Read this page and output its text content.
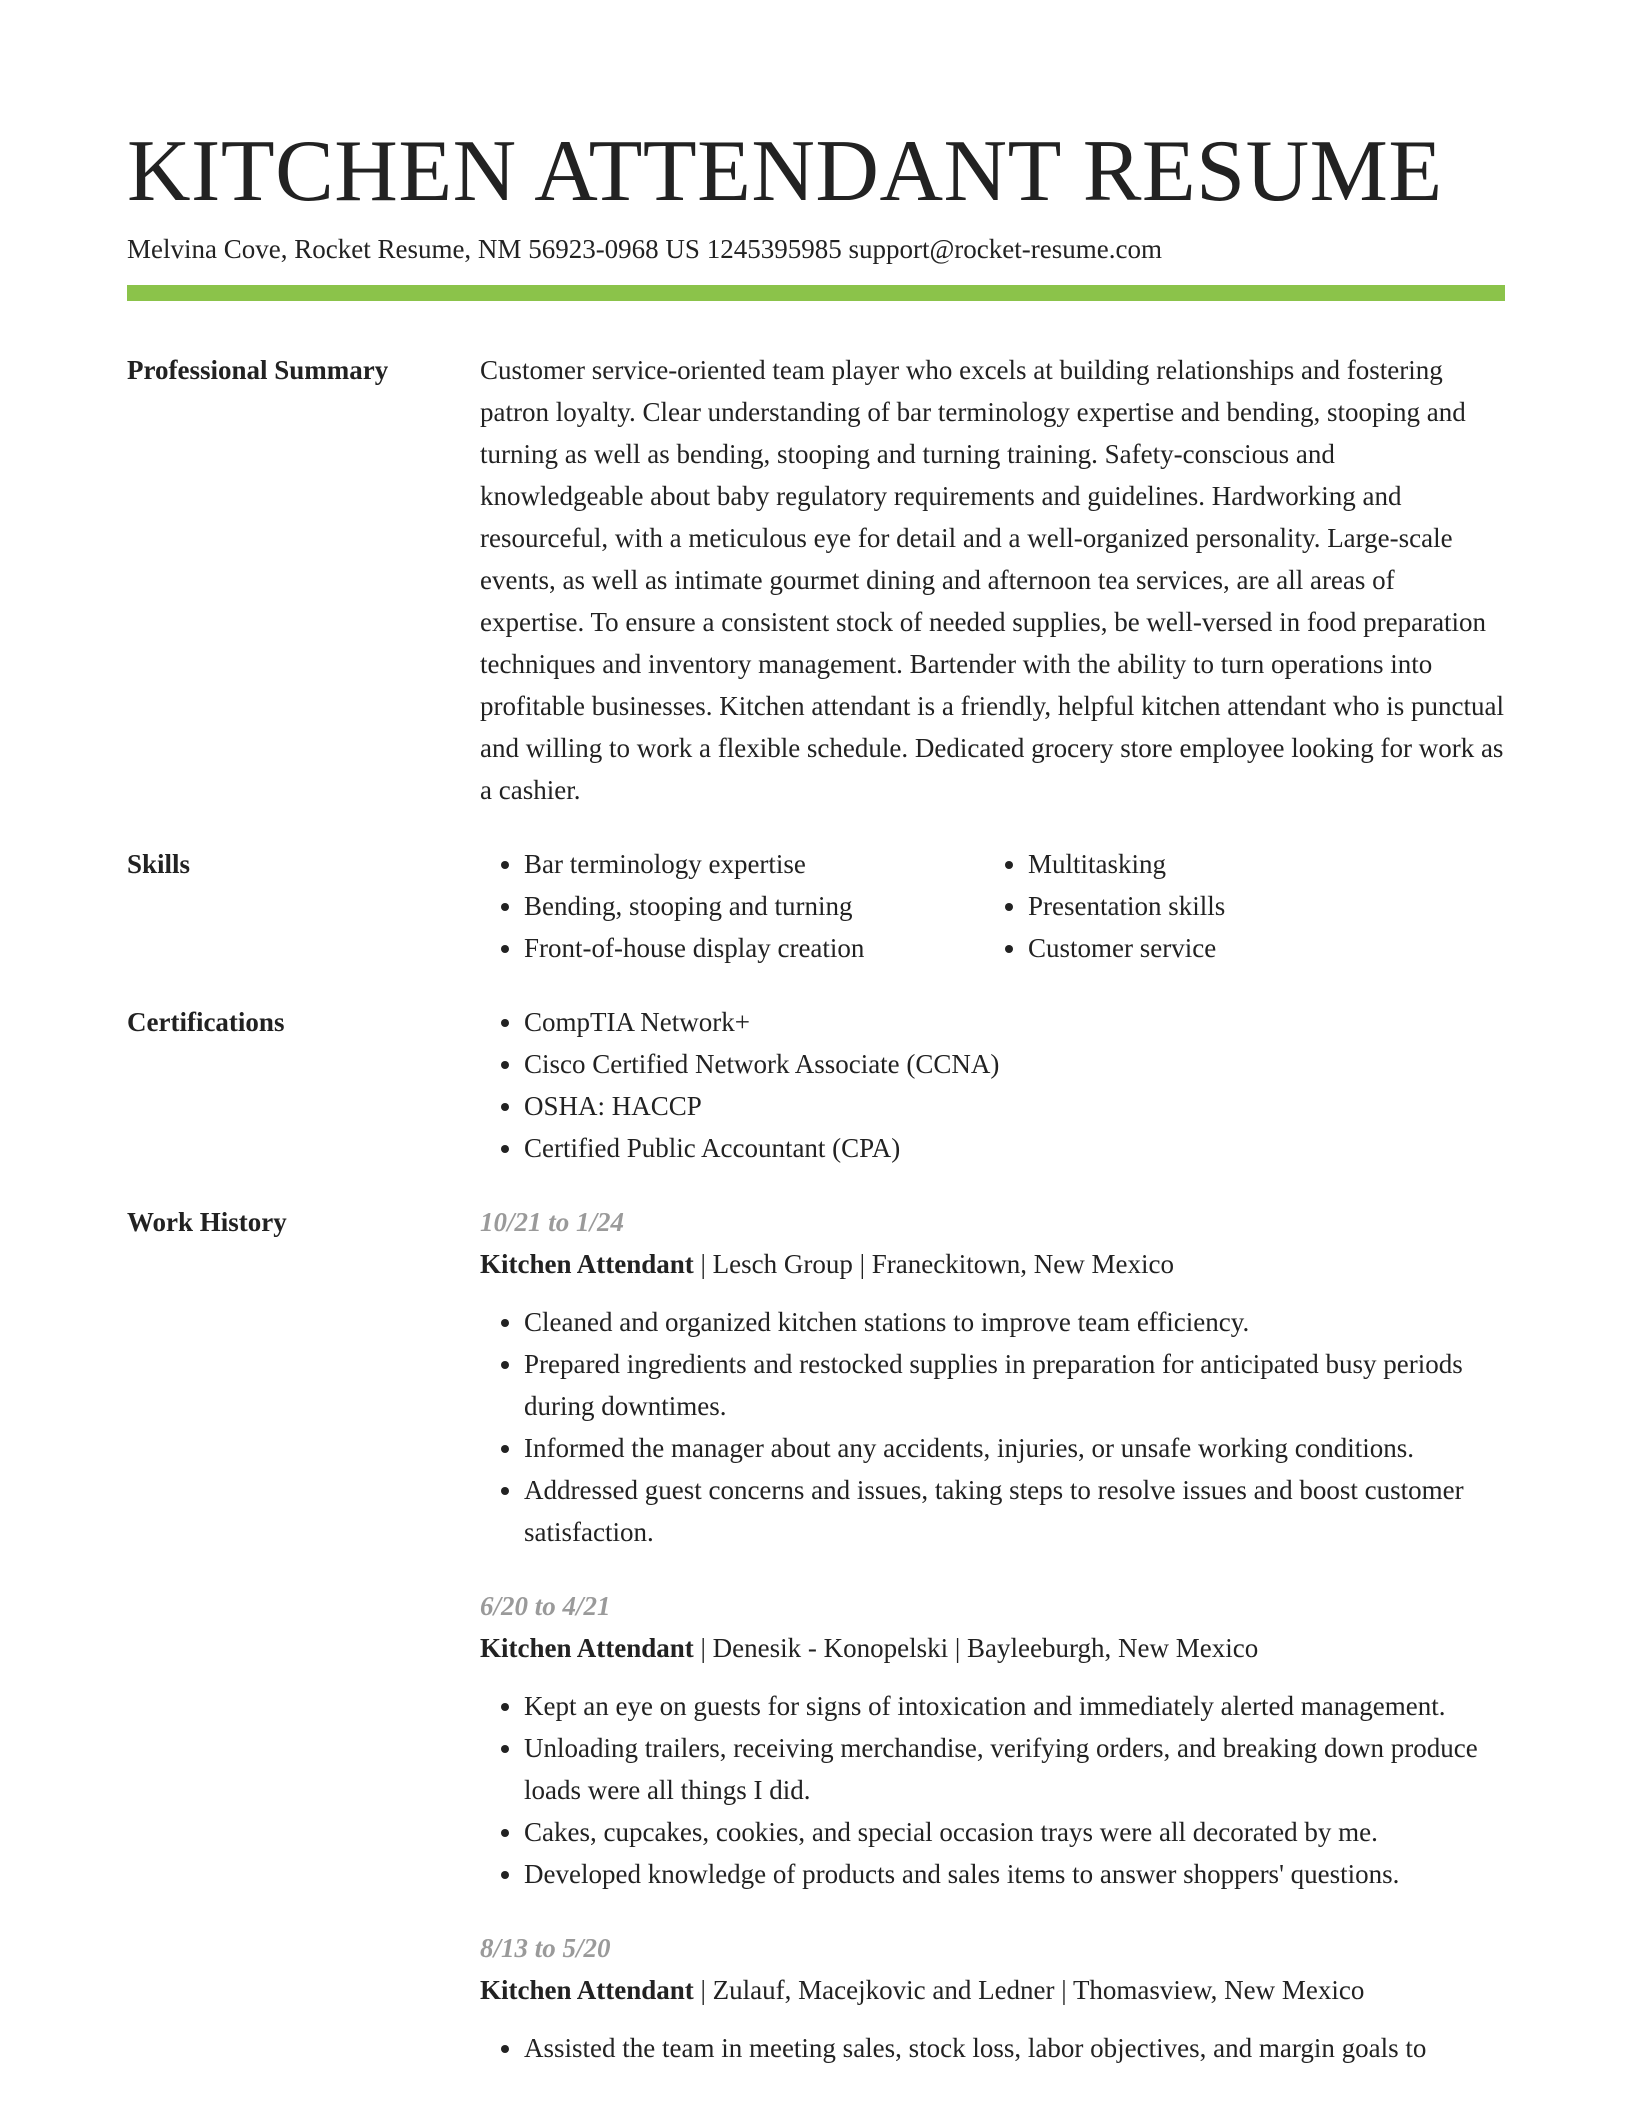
KITCHEN ATTENDANT RESUME
Melvina Cove, Rocket Resume, NM 56923-0968 US 1245395985 support@rocket-resume.com
Professional Summary	Customer service-oriented team player who excels at building relationships and fostering patron loyalty. Clear understanding of bar terminology expertise and bending, stooping and turning as well as bending, stooping and turning training. Safety-conscious and knowledgeable about baby regulatory requirements and guidelines. Hardworking and resourceful, with a meticulous eye for detail and a well-organized personality. Large-scale events, as well as intimate gourmet dining and afternoon tea services, are all areas of expertise. To ensure a consistent stock of needed supplies, be well-versed in food preparation techniques and inventory management. Bartender with the ability to turn operations into profitable businesses. Kitchen attendant is a friendly, helpful kitchen attendant who is punctual and willing to work a flexible schedule. Dedicated grocery store employee looking for work as a cashier.

Skills	• Bar terminology expertise
• Bending, stooping and turning
• Front-of-house display creation
• Multitasking
• Presentation skills
• Customer service
Certifications	• CompTIA Network+
• Cisco Certified Network Associate (CCNA)
• OSHA: HACCP
• Certified Public Accountant (CPA)
Work History	10/21 to 1/24
Kitchen Attendant | Lesch Group | Franeckitown, New Mexico
• Cleaned and organized kitchen stations to improve team efficiency.
• Prepared ingredients and restocked supplies in preparation for anticipated busy periods during downtimes.
• Informed the manager about any accidents, injuries, or unsafe working conditions.
• Addressed guest concerns and issues, taking steps to resolve issues and boost customer satisfaction.
6/20 to 4/21
Kitchen Attendant | Denesik - Konopelski | Bayleeburgh, New Mexico
• Kept an eye on guests for signs of intoxication and immediately alerted management.
• Unloading trailers, receiving merchandise, verifying orders, and breaking down produce loads were all things I did.
• Cakes, cupcakes, cookies, and special occasion trays were all decorated by me.
• Developed knowledge of products and sales items to answer shoppers' questions.
8/13 to 5/20
Kitchen Attendant | Zulauf, Macejkovic and Ledner | Thomasview, New Mexico
• Assisted the team in meeting sales, stock loss, labor objectives, and margin goals to
